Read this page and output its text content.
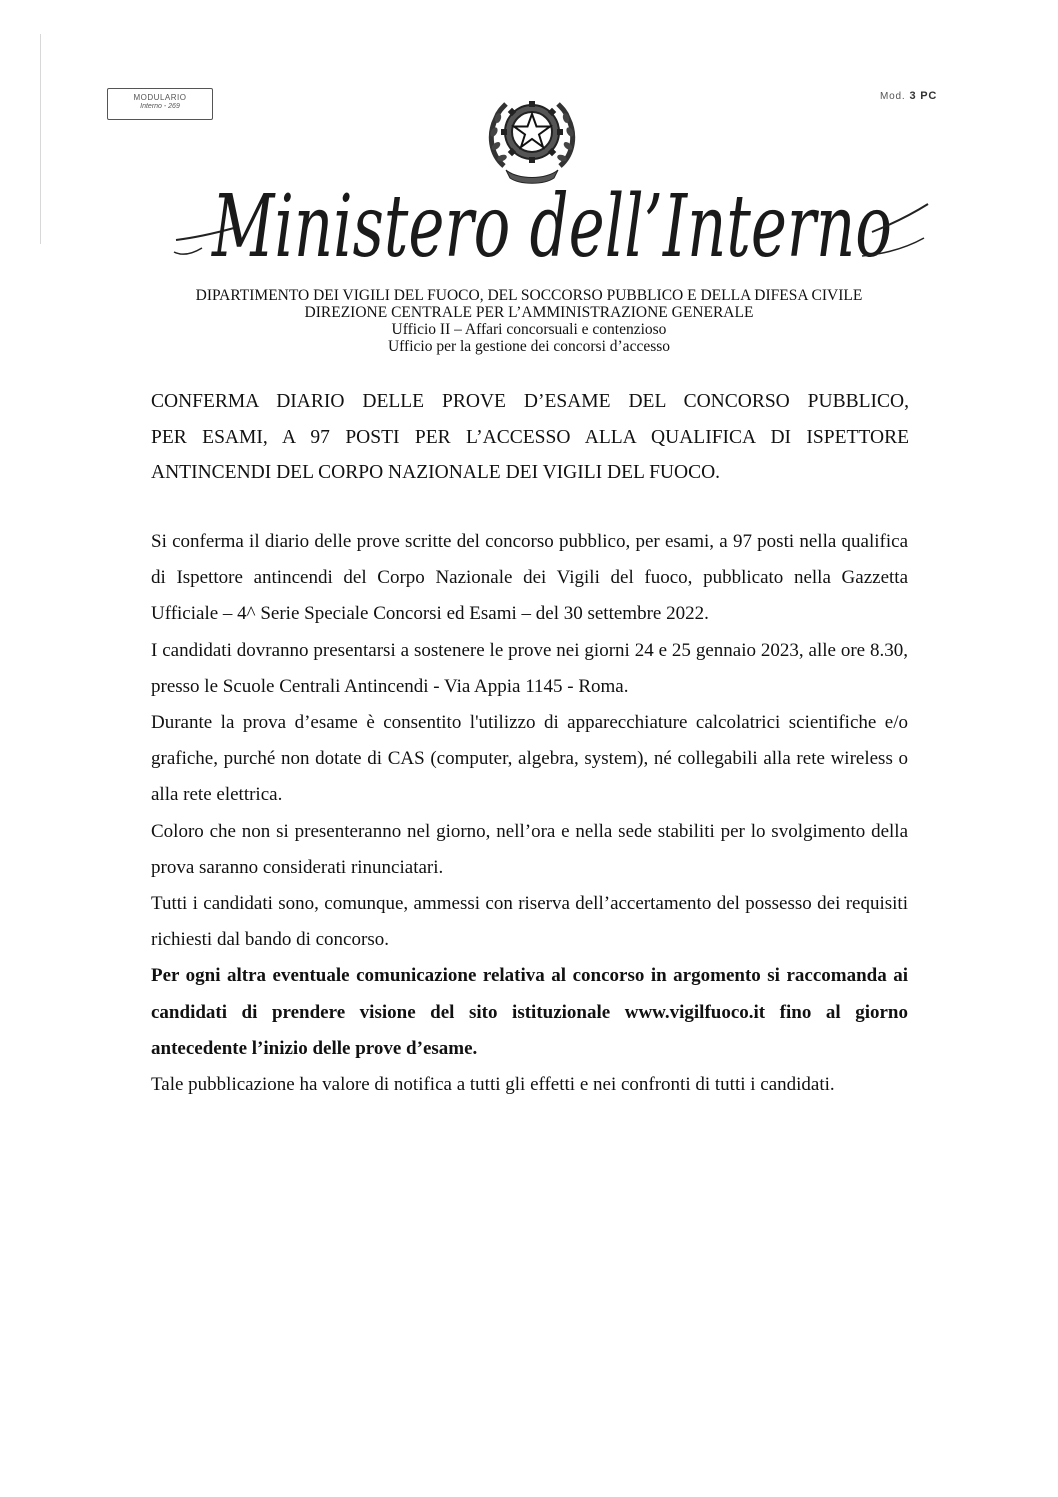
MODULARIO
Interno - 269
Mod. 3 PC
Ministero dell’Interno
DIPARTIMENTO DEI VIGILI DEL FUOCO, DEL SOCCORSO PUBBLICO E DELLA DIFESA CIVILE
DIREZIONE CENTRALE PER L’AMMINISTRAZIONE GENERALE
Ufficio II – Affari concorsuali e contenzioso
Ufficio per la gestione dei concorsi d’accesso
CONFERMA DIARIO DELLE PROVE D’ESAME DEL CONCORSO PUBBLICO,
PER ESAMI, A 97 POSTI PER L’ACCESSO ALLA QUALIFICA DI ISPETTORE
ANTINCENDI DEL CORPO NAZIONALE DEI VIGILI DEL FUOCO.

Si conferma il diario delle prove scritte del concorso pubblico, per esami, a 97 posti nella qualifica di Ispettore antincendi del Corpo Nazionale dei Vigili del fuoco, pubblicato nella Gazzetta Ufficiale – 4^ Serie Speciale Concorsi ed Esami – del 30 settembre 2022.

I candidati dovranno presentarsi a sostenere le prove nei giorni 24 e 25 gennaio 2023, alle ore 8.30, presso le Scuole Centrali Antincendi - Via Appia 1145 - Roma.

Durante la prova d’esame è consentito l'utilizzo di apparecchiature calcolatrici scientifiche e/o grafiche, purché non dotate di CAS (computer, algebra, system), né collegabili alla rete wireless o alla rete elettrica.

Coloro che non si presenteranno nel giorno, nell’ora e nella sede stabiliti per lo svolgimento della prova saranno considerati rinunciatari.

Tutti i candidati sono, comunque, ammessi con riserva dell’accertamento del possesso dei requisiti richiesti dal bando di concorso.

Per ogni altra eventuale comunicazione relativa al concorso in argomento si raccomanda ai candidati di prendere visione del sito istituzionale www.vigilfuoco.it fino al giorno antecedente l’inizio delle prove d’esame.

Tale pubblicazione ha valore di notifica a tutti gli effetti e nei confronti di tutti i candidati.
